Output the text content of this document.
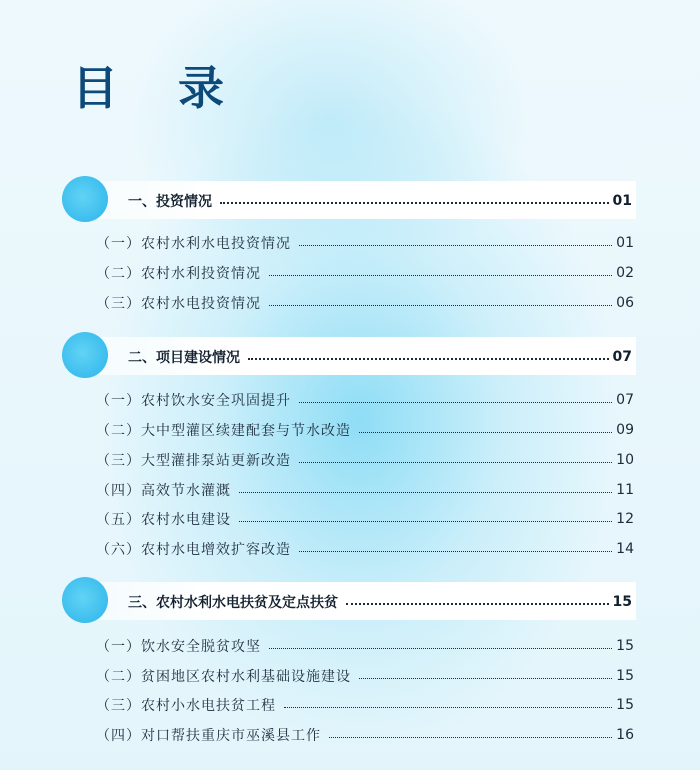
目 录
一、投资情况	01
（一）农村水利水电投资情况	01
（二）农村水利投资情况	02
（三）农村水电投资情况	06
二、项目建设情况	07
（一）农村饮水安全巩固提升	07
（二）大中型灌区续建配套与节水改造	09
（三）大型灌排泵站更新改造	10
（四）高效节水灌溉	11
（五）农村水电建设	12
（六）农村水电增效扩容改造	14
三、农村水利水电扶贫及定点扶贫	15
（一）饮水安全脱贫攻坚	15
（二）贫困地区农村水利基础设施建设	15
（三）农村小水电扶贫工程	15
（四）对口帮扶重庆市巫溪县工作	16
